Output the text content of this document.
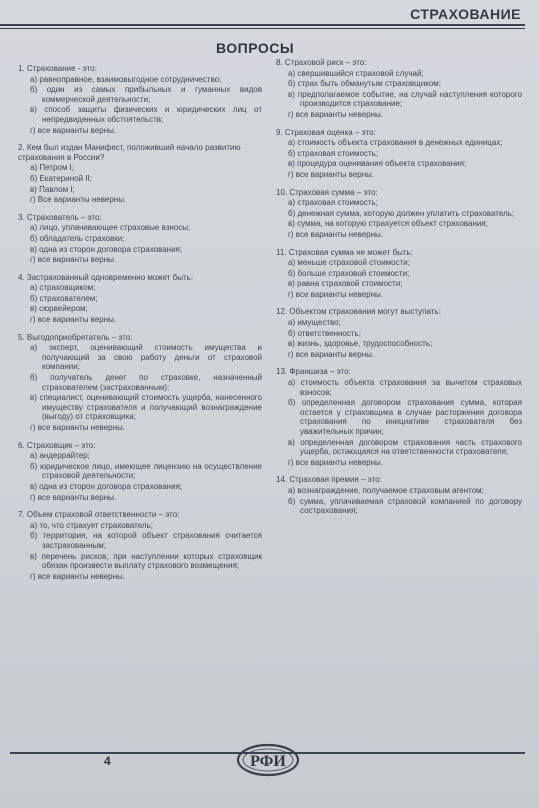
СТРАХОВАНИЕ
ВОПРОСЫ
1. Страхование - это:
а) равноправное, взаимовыгодное сотрудничество;
б) один из самых прибыльных и гуманных видов коммерческой деятельности;
в) способ защиты физических и юридических лиц от непредвиденных обстоятельств;
г) все варианты верны.
2. Кем был издан Манифест, положивший начало развитию страхования в России?
а) Петром I;
б) Екатериной II;
в) Павлом I;
г) Все варианты неверны.
3. Страхователь – это:
а) лицо, уплачивающее страховые взносы;
б) обладатель страховки;
в) одна из сторон договора страхования;
г) все варианты верны.
4. Застрахованный одновременно может быть:
а) страховщиком;
б) страхователем;
в) сюрвейером;
г) все варианты верны.
5. Выгодоприобретатель – это:
а) эксперт, оценивающий стоимость имущества и получающий за свою работу деньги от страховой компании;
б) получатель денег по страховке, назначенный страхователем (застрахованным);
в) специалист, оценивающий стоимость ущерба, нанесенного имуществу страхователя и получающий вознаграждение (выгоду) от страховщика;
г) все варианты неверны.
6. Страховщик – это:
а) андеррайтер;
б) юридическое лицо, имеющее лицензию на осуществление страховой деятельности;
в) одна из сторон договора страхования;
г) все варианты верны.
7. Объем страховой ответственности – это:
а) то, что страхует страхователь;
б) территория, на которой объект страхования считается застрахованным;
в) перечень рисков, при наступлении которых страховщик обязан произвести выплату страхового возмещения;
г) все варианты неверны.
8. Страховой риск – это:
а) свершившийся страховой случай;
б) страх быть обманутым страховщиком;
в) предполагаемое событие, на случай наступления которого производится страхование;
г) все варианты неверны.
9. Страховая оценка – это:
а) стоимость объекта страхования в денежных единицах;
б) страховая стоимость;
в) процедура оценивания объекта страхования;
г) все варианты верны.
10. Страховая сумма – это:
а) страховая стоимость;
б) денежная сумма, которую должен уплатить страхователь;
в) сумма, на которую страхуется объект страхования;
г) все варианты неверны.
11. Страховая сумма не может быть:
а) меньше страховой стоимости;
б) больше страховой стоимости;
в) равна страховой стоимости;
г) все варианты неверны.
12. Объектом страхования могут выступать:
а) имущество;
б) ответственность;
в) жизнь, здоровье, трудоспособность;
г) все варианты верны.
13. Франшиза – это:
а) стоимость объекта страхования за вычетом страховых взносов;
б) определенная договором страхования сумма, которая остается у страховщика в случае расторжения договора страхования по инициативе страхователя без уважительных причин;
в) определенная договором страхования часть страхового ущерба, остающаяся на ответственности страхователя;
г) все варианты неверны.
14. Страховая премия – это:
а) вознаграждение, получаемое страховым агентом;
б) сумма, уплачиваемая страховой компанией по договору сострахования;
4	РФИ
